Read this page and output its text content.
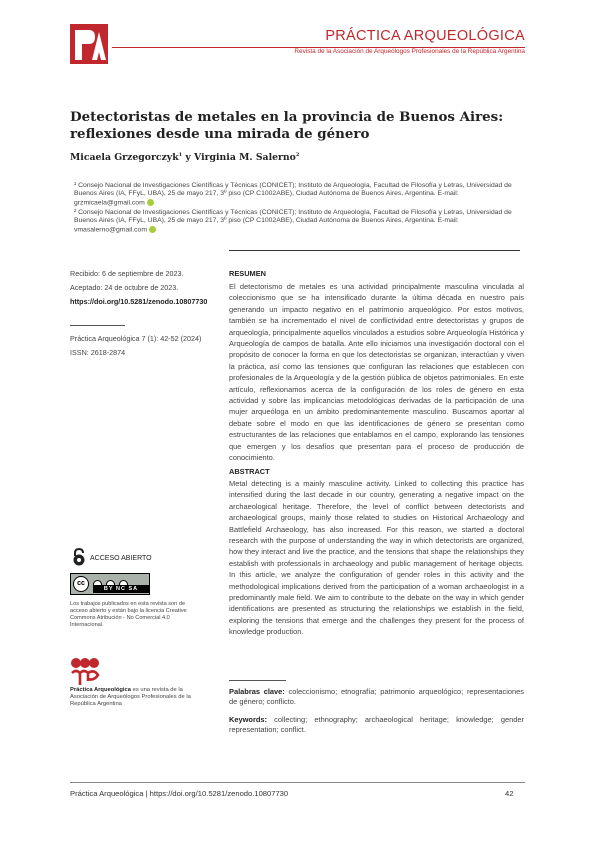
PRÁCTICA ARQUEOLÓGICA
Revista de la Asociación de Arqueólogos Profesionales de la República Argentina
Detectoristas de metales en la provincia de Buenos Aires: reflexiones desde una mirada de género
Micaela Grzegorczyk$^1$ y Virginia M. Salerno$^2$
¹ Consejo Nacional de Investigaciones Científicas y Técnicas (CONICET); Instituto de Arqueología, Facultad de Filosofía y Letras, Universidad de Buenos Aires (IA, FFyL, UBA), 25 de mayo 217, 3º piso (CP C1002ABE), Ciudad Autónoma de Buenos Aires, Argentina. E-mail: grzmicaela@gmail.com
² Consejo Nacional de Investigaciones Científicas y Técnicas (CONICET); Instituto de Arqueología, Facultad de Filosofía y Letras, Universidad de Buenos Aires (IA, FFyL, UBA), 25 de mayo 217, 3º piso (CP C1002ABE), Ciudad Autónoma de Buenos Aires, Argentina. E-mail: vmasalerno@gmail.com
Recibido: 6 de septiembre de 2023.
Aceptado: 24 de octubre de 2023.
https://doi.org/10.5281/zenodo.10807730
Práctica Arqueológica 7 (1): 42-52 (2024)
ISSN: 2618-2874
ACCESO ABIERTO
cc
BY NC SA
Los trabajos publicados en esta revista son de acceso abierto y están bajo la licencia Creative Commons Atribución - No Comercial 4.0 Internacional.
Práctica Arqueológica es una revista de la Asociación de Arqueólogos Profesionales de la República Argentina
RESUMEN
El detectorismo de metales es una actividad principalmente masculina vinculada al coleccionismo que se ha intensificado durante la última década en nuestro país generando un impacto negativo en el patrimonio arqueológico. Por estos motivos, también se ha incrementado el nivel de conflictividad entre detectoristas y grupos de arqueología, principalmente aquellos vinculados a estudios sobre Arqueología Histórica y Arqueología de campos de batalla. Ante ello iniciamos una investigación doctoral con el propósito de conocer la forma en que los detectoristas se organizan, interactúan y viven la práctica, así como las tensiones que configuran las relaciones que establecen con profesionales de la Arqueología y de la gestión pública de objetos patrimoniales. En este artículo, reflexionamos acerca de la configuración de los roles de género en esta actividad y sobre las implicancias metodológicas derivadas de la participación de una mujer arqueóloga en un ámbito predominantemente masculino. Buscamos aportar al debate sobre el modo en que las identificaciones de género se presentan como estructurantes de las relaciones que entablamos en el campo, explorando las tensiones que emergen y los desafíos que presentan para el proceso de producción de conocimiento.
ABSTRACT
Metal detecting is a mainly masculine activity. Linked to collecting this practice has intensified during the last decade in our country, generating a negative impact on the archaeological heritage. Therefore, the level of conflict between detectorists and archaeological groups, mainly those related to studies on Historical Archaeology and Battlefield Archaeology, has also increased. For this reason, we started a doctoral research with the purpose of understanding the way in which detectorists are organized, how they interact and live the practice, and the tensions that shape the relationships they establish with professionals in archaeology and public management of heritage objects. In this article, we analyze the configuration of gender roles in this activity and the methodological implications derived from the participation of a woman archaeologist in a predominantly male field. We aim to contribute to the debate on the way in which gender identifications are presented as structuring the relationships we establish in the field, exploring the tensions that emerge and the challenges they present for the process of knowledge production.
Palabras clave: coleccionismo; etnografía; patrimonio arqueológico; representaciones de género; conflicto.
Keywords: collecting; ethnography; archaeological heritage; knowledge; gender representation; conflict.
Práctica Arqueológica | https://doi.org/10.5281/zenodo.10807730	42
